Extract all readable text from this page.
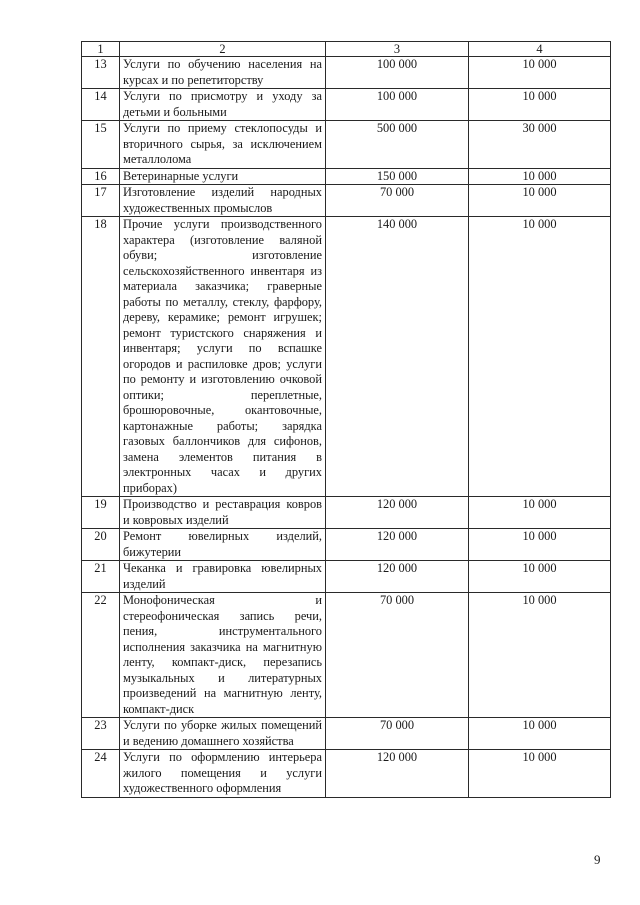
1	2	3	4
13	Услуги по обучению населения на курсах и по репетиторству	100 000	10 000
14	Услуги по присмотру и уходу за детьми и больными	100 000	10 000
15	Услуги по приему стеклопосуды и вторичного сырья, за исключением металлолома	500 000	30 000
16	Ветеринарные услуги	150 000	10 000
17	Изготовление изделий народных художественных промыслов	70 000	10 000
18	Прочие услуги производственного характера (изготовление валяной обуви; изготовление сельскохозяйственного инвентаря из материала заказчика; граверные работы по металлу, стеклу, фарфору, дереву, керамике; ремонт игрушек; ремонт туристского снаряжения и инвентаря; услуги по вспашке огородов и распиловке дров; услуги по ремонту и изготовлению очковой оптики; переплетные, брошюровочные, окантовочные, картонажные работы; зарядка газовых баллончиков для сифонов, замена элементов питания в электронных часах и других приборах)	140 000	10 000
19	Производство и реставрация ковров и ковровых изделий	120 000	10 000
20	Ремонт ювелирных изделий, бижутерии	120 000	10 000
21	Чеканка и гравировка ювелирных изделий	120 000	10 000
22	Монофоническая и стереофоническая запись речи, пения, инструментального исполнения заказчика на магнитную ленту, компакт-диск, перезапись музыкальных и литературных произведений на магнитную ленту, компакт-диск	70 000	10 000
23	Услуги по уборке жилых помещений и ведению домашнего хозяйства	70 000	10 000
24	Услуги по оформлению интерьера жилого помещения и услуги художественного оформления	120 000	10 000
9
